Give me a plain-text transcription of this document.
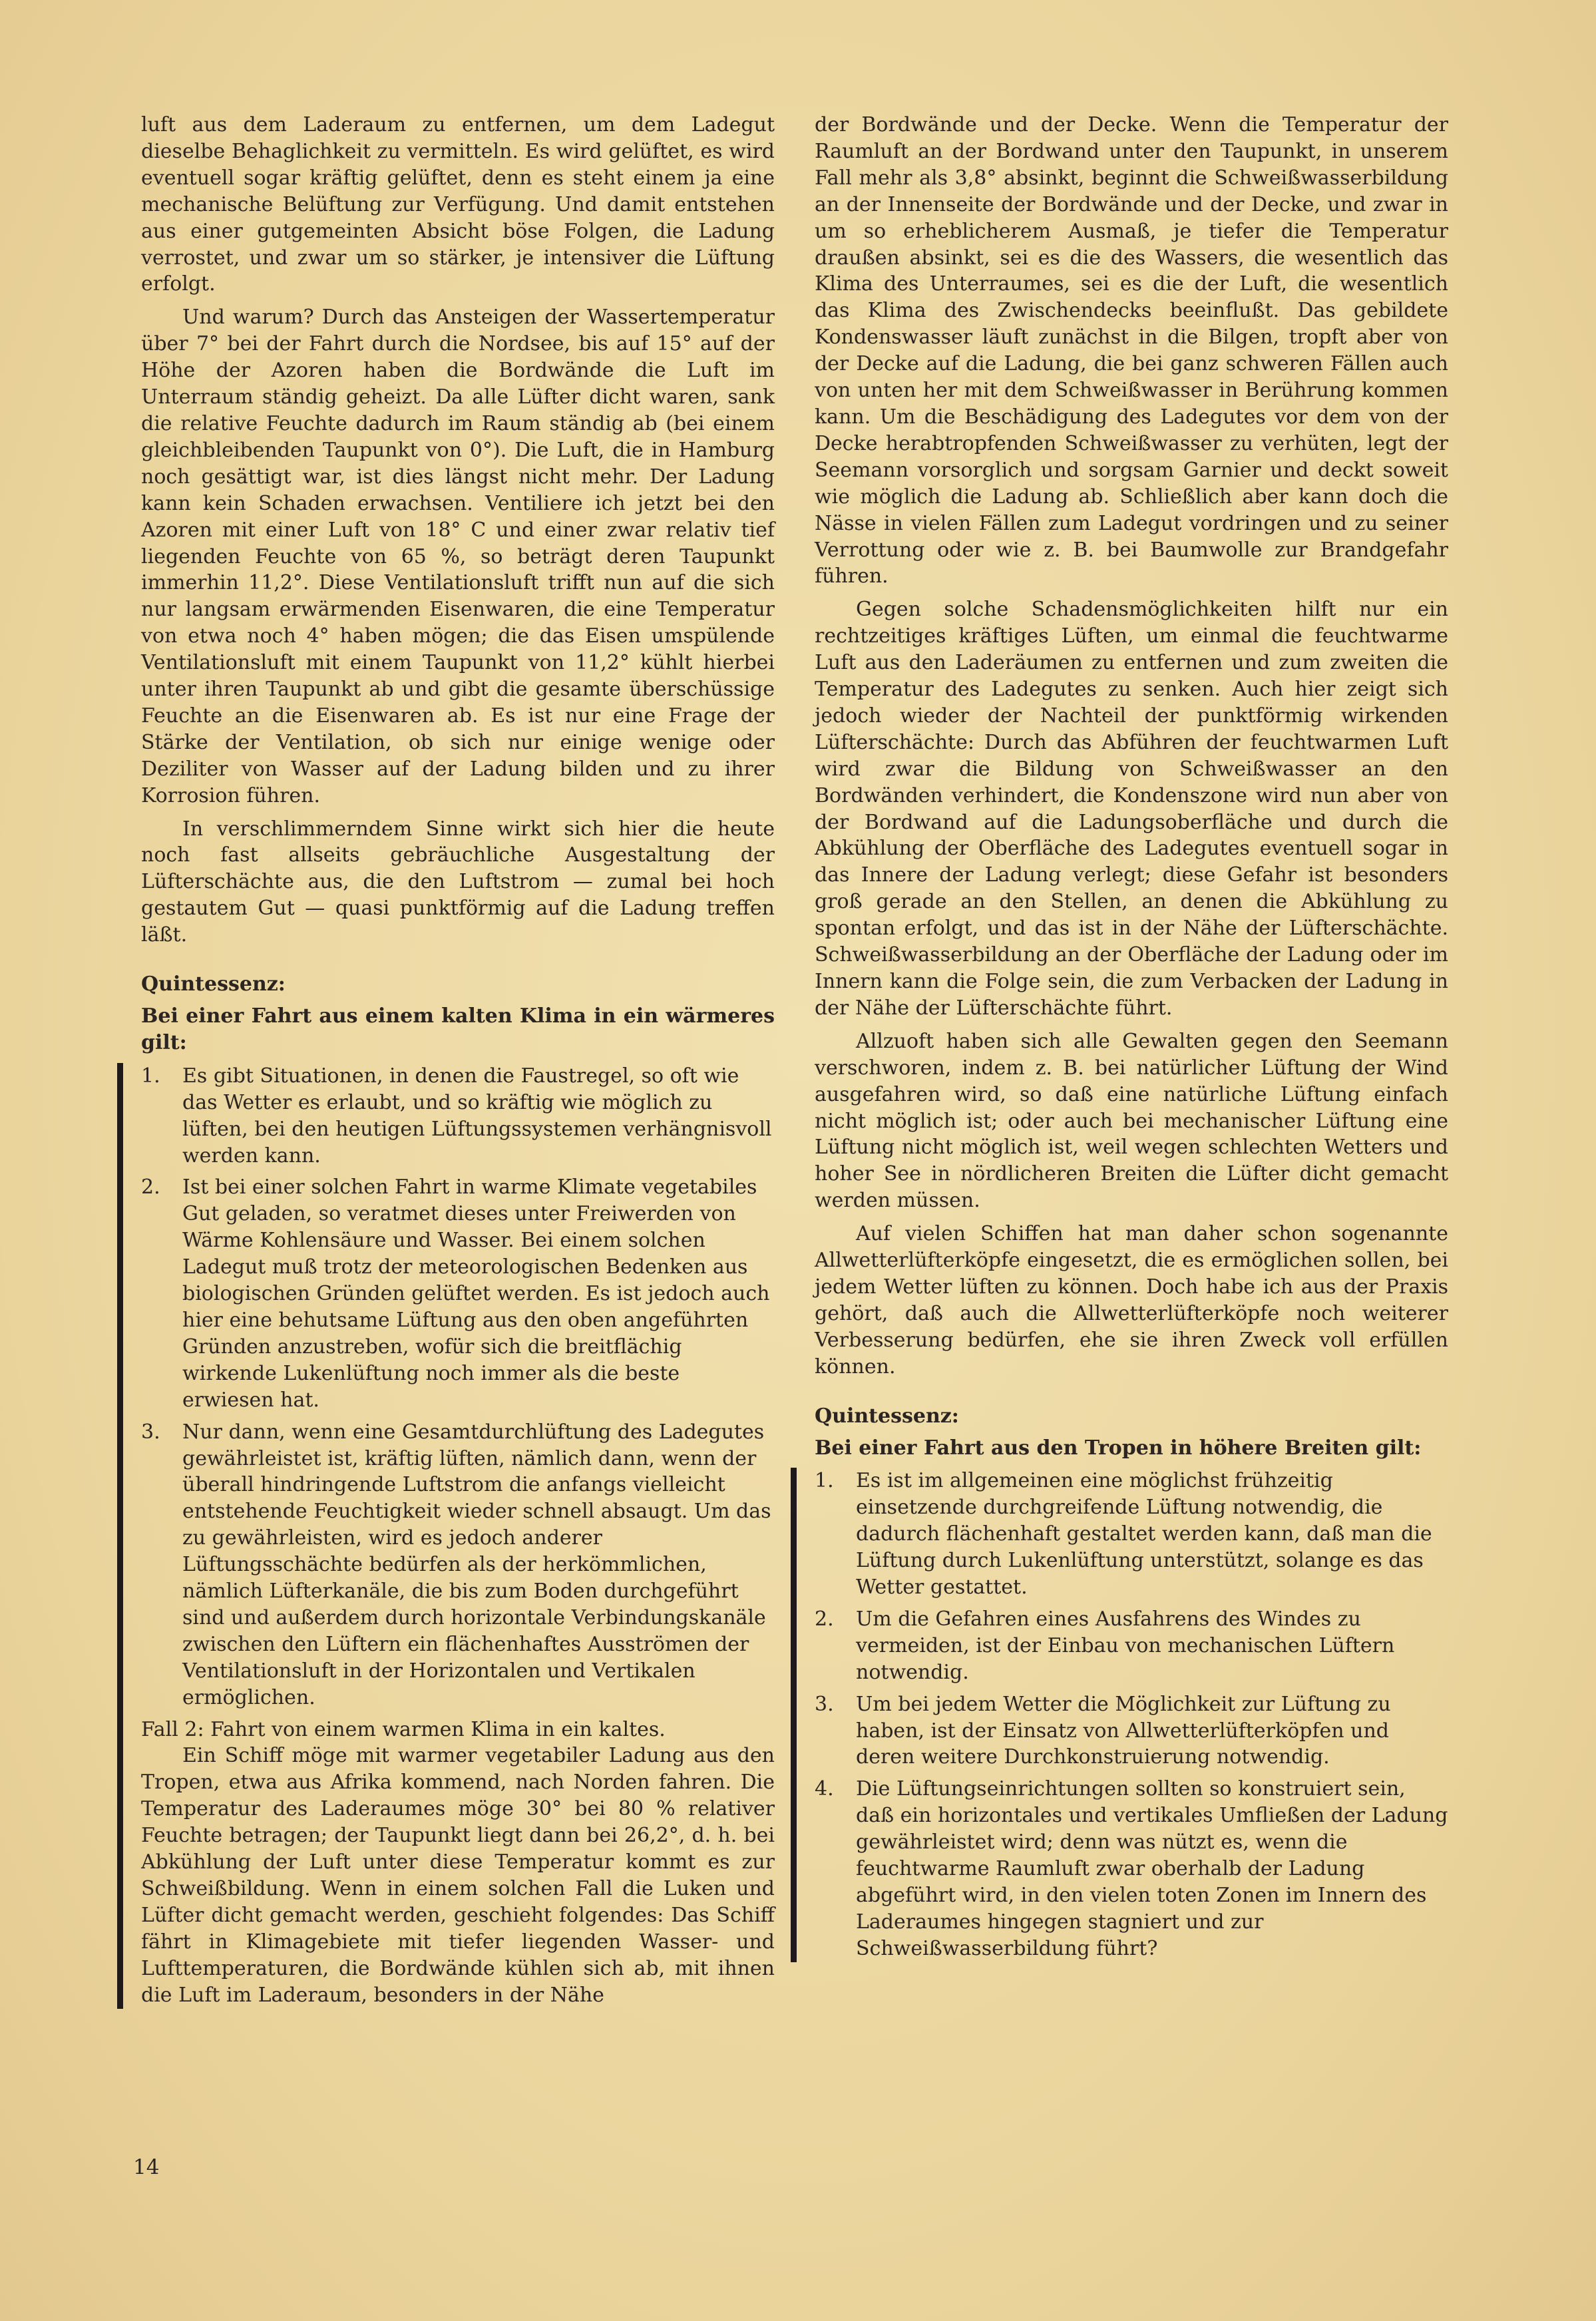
luft aus dem Laderaum zu entfernen, um dem Ladegut dieselbe Behaglichkeit zu vermitteln. Es wird gelüftet, es wird eventuell sogar kräftig gelüftet, denn es steht einem ja eine mechanische Belüftung zur Verfügung. Und damit entstehen aus einer gutgemeinten Absicht böse Folgen, die Ladung verrostet, und zwar um so stärker, je intensiver die Lüftung erfolgt.

Und warum? Durch das Ansteigen der Wassertemperatur über 7° bei der Fahrt durch die Nordsee, bis auf 15° auf der Höhe der Azoren haben die Bordwände die Luft im Unterraum ständig geheizt. Da alle Lüfter dicht waren, sank die relative Feuchte dadurch im Raum ständig ab (bei einem gleichbleibenden Taupunkt von 0°). Die Luft, die in Hamburg noch gesättigt war, ist dies längst nicht mehr. Der Ladung kann kein Schaden erwachsen. Ventiliere ich jetzt bei den Azoren mit einer Luft von 18° C und einer zwar relativ tief liegenden Feuchte von 65 %, so beträgt deren Taupunkt immerhin 11,2°. Diese Ventilationsluft trifft nun auf die sich nur langsam erwärmenden Eisenwaren, die eine Temperatur von etwa noch 4° haben mögen; die das Eisen umspülende Ventilationsluft mit einem Taupunkt von 11,2° kühlt hierbei unter ihren Taupunkt ab und gibt die gesamte überschüssige Feuchte an die Eisenwaren ab. Es ist nur eine Frage der Stärke der Ventilation, ob sich nur einige wenige oder Deziliter von Wasser auf der Ladung bilden und zu ihrer Korrosion führen.

In verschlimmerndem Sinne wirkt sich hier die heute noch fast allseits gebräuchliche Ausgestaltung der Lüfterschächte aus, die den Luftstrom — zumal bei hoch gestautem Gut — quasi punktförmig auf die Ladung treffen läßt.

Quintessenz:

Bei einer Fahrt aus einem kalten Klima in ein wärmeres gilt:

1. Es gibt Situationen, in denen die Faustregel, so oft wie das Wetter es erlaubt, und so kräftig wie möglich zu lüften, bei den heutigen Lüftungssystemen verhängnisvoll werden kann.

2. Ist bei einer solchen Fahrt in warme Klimate vegetabiles Gut geladen, so veratmet dieses unter Freiwerden von Wärme Kohlensäure und Wasser. Bei einem solchen Ladegut muß trotz der meteorologischen Bedenken aus biologischen Gründen gelüftet werden. Es ist jedoch auch hier eine behutsame Lüftung aus den oben angeführten Gründen anzustreben, wofür sich die breitflächig wirkende Lukenlüftung noch immer als die beste erwiesen hat.

3. Nur dann, wenn eine Gesamtdurchlüftung des Ladegutes gewährleistet ist, kräftig lüften, nämlich dann, wenn der überall hindringende Luftstrom die anfangs vielleicht entstehende Feuchtigkeit wieder schnell absaugt. Um das zu gewährleisten, wird es jedoch anderer Lüftungsschächte bedürfen als der herkömmlichen, nämlich Lüfterkanäle, die bis zum Boden durchgeführt sind und außerdem durch horizontale Verbindungskanäle zwischen den Lüftern ein flächenhaftes Ausströmen der Ventilationsluft in der Horizontalen und Vertikalen ermöglichen.

Fall 2: Fahrt von einem warmen Klima in ein kaltes.

Ein Schiff möge mit warmer vegetabiler Ladung aus den Tropen, etwa aus Afrika kommend, nach Norden fahren. Die Temperatur des Laderaumes möge 30° bei 80 % relativer Feuchte betragen; der Taupunkt liegt dann bei 26,2°, d. h. bei Abkühlung der Luft unter diese Temperatur kommt es zur Schweißbildung. Wenn in einem solchen Fall die Luken und Lüfter dicht gemacht werden, geschieht folgendes: Das Schiff fährt in Klimagebiete mit tiefer liegenden Wasser- und Lufttemperaturen, die Bordwände kühlen sich ab, mit ihnen die Luft im Laderaum, besonders in der Nähe

der Bordwände und der Decke. Wenn die Temperatur der Raumluft an der Bordwand unter den Taupunkt, in unserem Fall mehr als 3,8° absinkt, beginnt die Schweißwasserbildung an der Innenseite der Bordwände und der Decke, und zwar in um so erheblicherem Ausmaß, je tiefer die Temperatur draußen absinkt, sei es die des Wassers, die wesentlich das Klima des Unterraumes, sei es die der Luft, die wesentlich das Klima des Zwischendecks beeinflußt. Das gebildete Kondenswasser läuft zunächst in die Bilgen, tropft aber von der Decke auf die Ladung, die bei ganz schweren Fällen auch von unten her mit dem Schweißwasser in Berührung kommen kann. Um die Beschädigung des Ladegutes vor dem von der Decke herabtropfenden Schweißwasser zu verhüten, legt der Seemann vorsorglich und sorgsam Garnier und deckt soweit wie möglich die Ladung ab. Schließlich aber kann doch die Nässe in vielen Fällen zum Ladegut vordringen und zu seiner Verrottung oder wie z. B. bei Baumwolle zur Brandgefahr führen.

Gegen solche Schadensmöglichkeiten hilft nur ein rechtzeitiges kräftiges Lüften, um einmal die feuchtwarme Luft aus den Laderäumen zu entfernen und zum zweiten die Temperatur des Ladegutes zu senken. Auch hier zeigt sich jedoch wieder der Nachteil der punktförmig wirkenden Lüfterschächte: Durch das Abführen der feuchtwarmen Luft wird zwar die Bildung von Schweißwasser an den Bordwänden verhindert, die Kondenszone wird nun aber von der Bordwand auf die Ladungsoberfläche und durch die Abkühlung der Oberfläche des Ladegutes eventuell sogar in das Innere der Ladung verlegt; diese Gefahr ist besonders groß gerade an den Stellen, an denen die Abkühlung zu spontan erfolgt, und das ist in der Nähe der Lüfterschächte. Schweißwasserbildung an der Oberfläche der Ladung oder im Innern kann die Folge sein, die zum Verbacken der Ladung in der Nähe der Lüfterschächte führt.

Allzuoft haben sich alle Gewalten gegen den Seemann verschworen, indem z. B. bei natürlicher Lüftung der Wind ausgefahren wird, so daß eine natürliche Lüftung einfach nicht möglich ist; oder auch bei mechanischer Lüftung eine Lüftung nicht möglich ist, weil wegen schlechten Wetters und hoher See in nördlicheren Breiten die Lüfter dicht gemacht werden müssen.

Auf vielen Schiffen hat man daher schon sogenannte Allwetterlüfterköpfe eingesetzt, die es ermöglichen sollen, bei jedem Wetter lüften zu können. Doch habe ich aus der Praxis gehört, daß auch die Allwetterlüfterköpfe noch weiterer Verbesserung bedürfen, ehe sie ihren Zweck voll erfüllen können.

Quintessenz:

Bei einer Fahrt aus den Tropen in höhere Breiten gilt:

1. Es ist im allgemeinen eine möglichst frühzeitig einsetzende durchgreifende Lüftung notwendig, die dadurch flächenhaft gestaltet werden kann, daß man die Lüftung durch Lukenlüftung unterstützt, solange es das Wetter gestattet.

2. Um die Gefahren eines Ausfahrens des Windes zu vermeiden, ist der Einbau von mechanischen Lüftern notwendig.

3. Um bei jedem Wetter die Möglichkeit zur Lüftung zu haben, ist der Einsatz von Allwetterlüfterköpfen und deren weitere Durchkonstruierung notwendig.

4. Die Lüftungseinrichtungen sollten so konstruiert sein, daß ein horizontales und vertikales Umfließen der Ladung gewährleistet wird; denn was nützt es, wenn die feuchtwarme Raumluft zwar oberhalb der Ladung abgeführt wird, in den vielen toten Zonen im Innern des Laderaumes hingegen stagniert und zur Schweißwasserbildung führt?

14
